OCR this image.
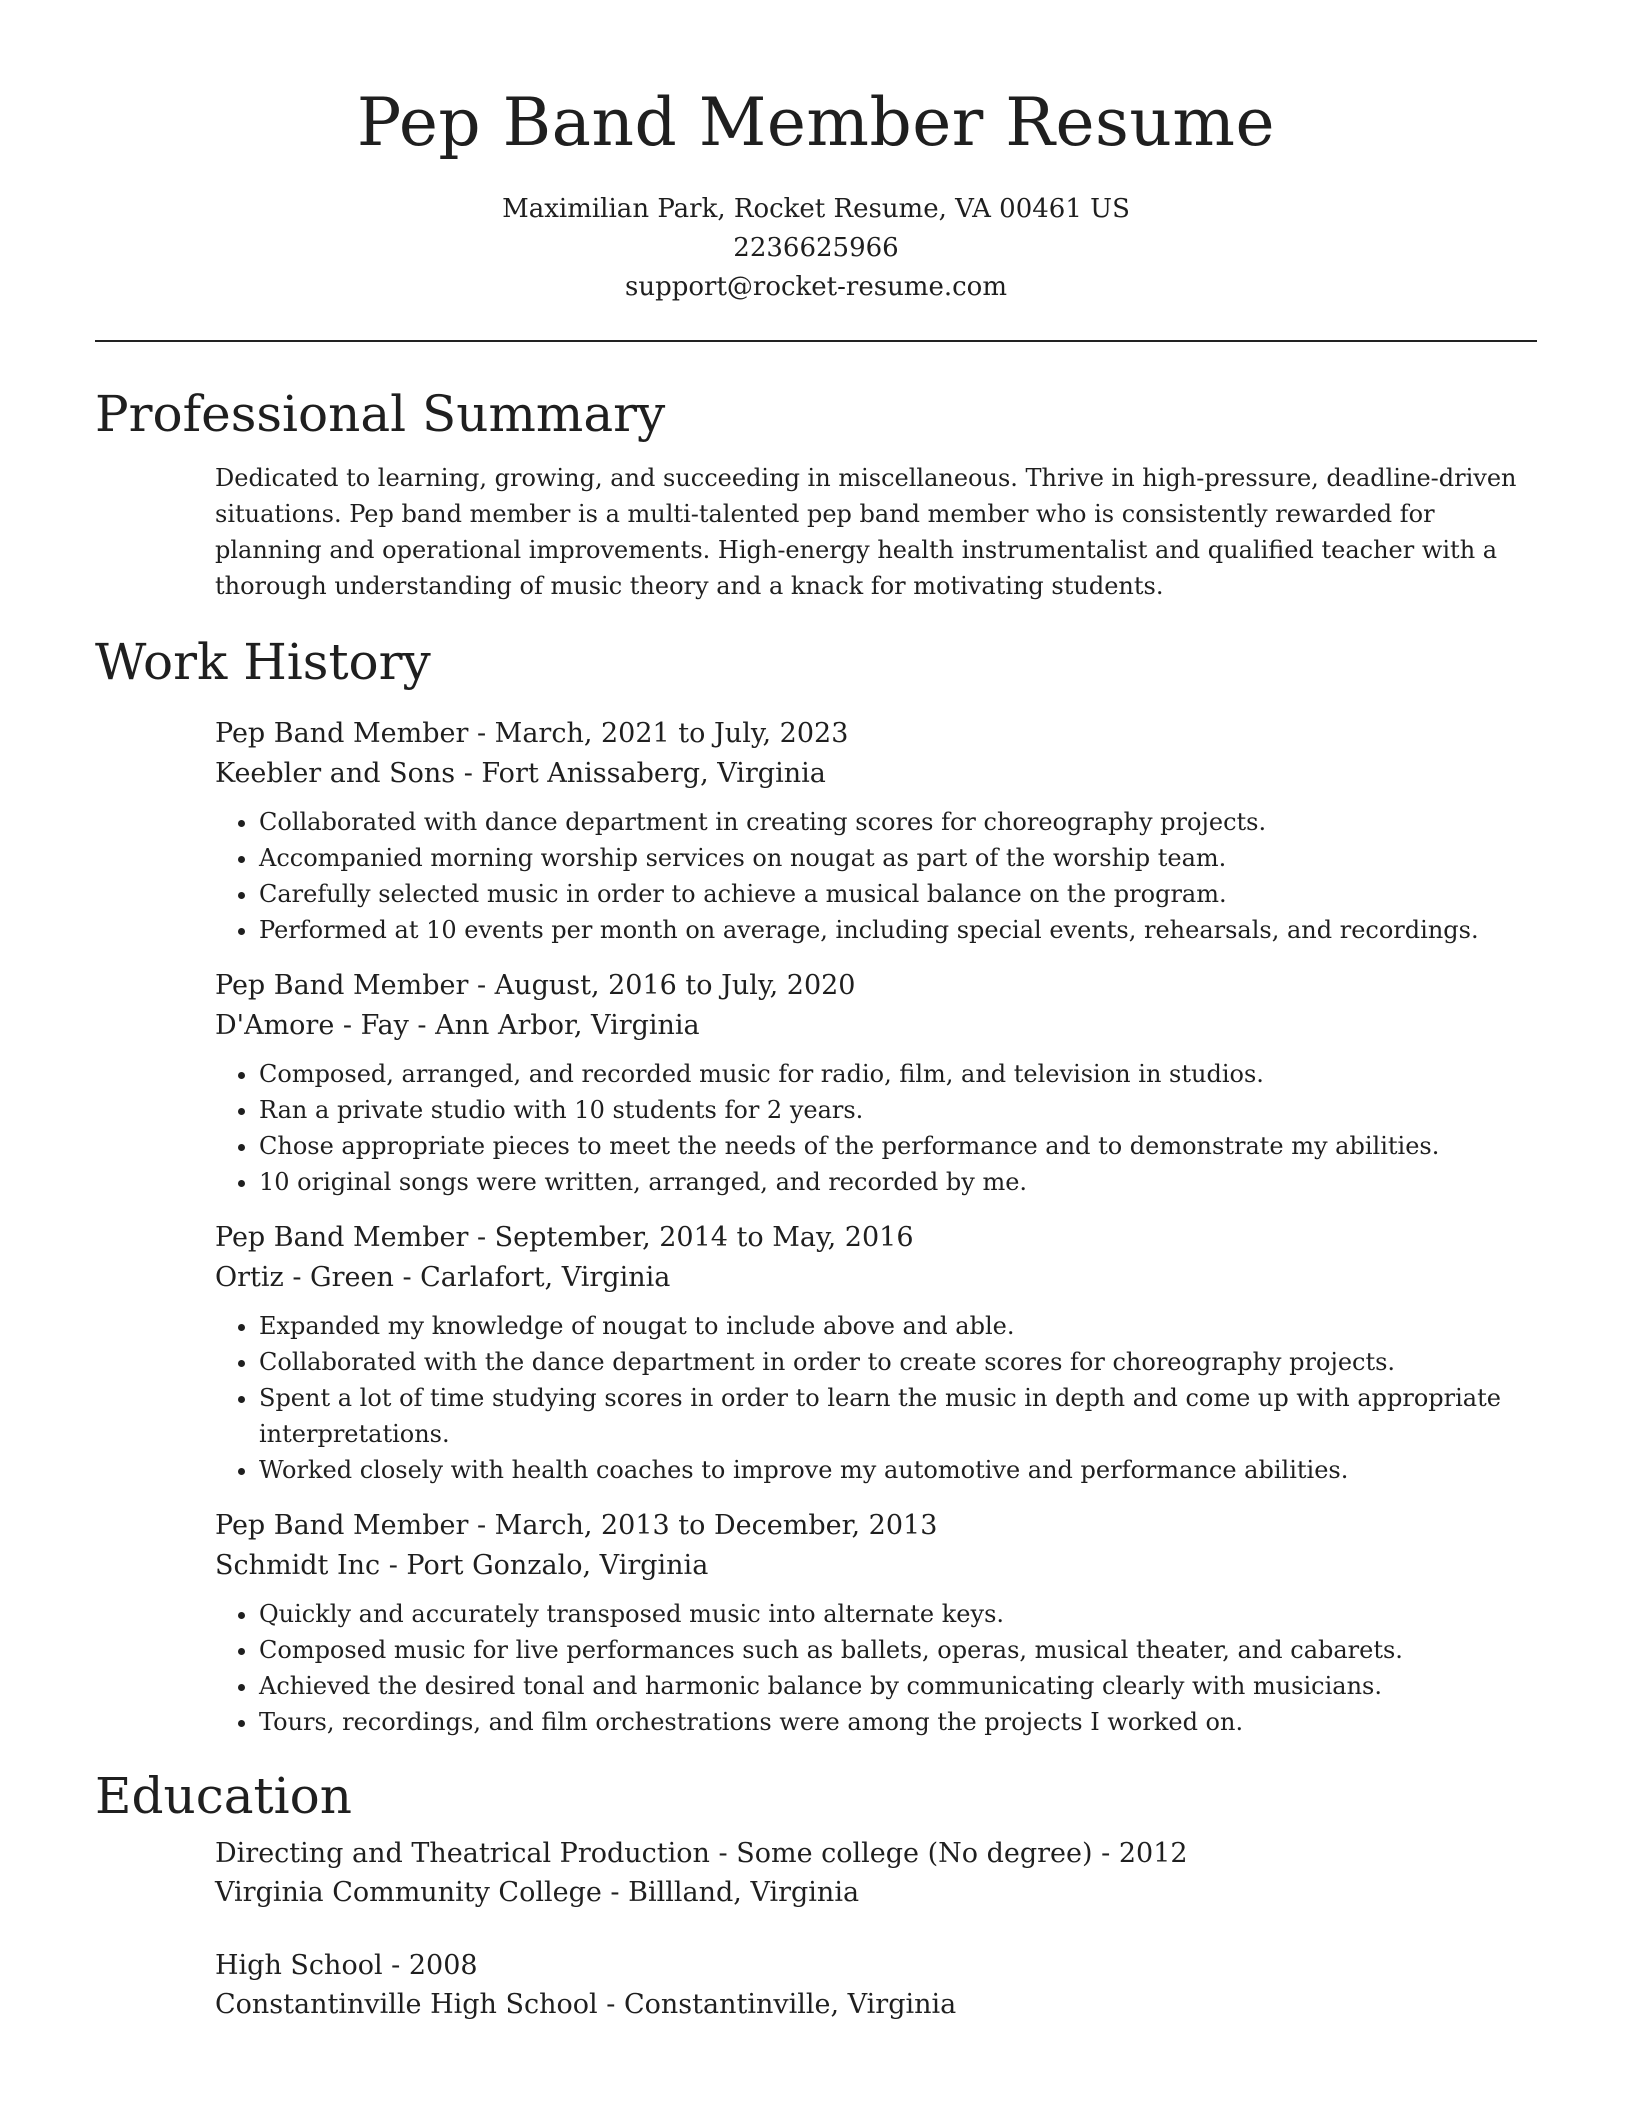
Pep Band Member Resume
Maximilian Park, Rocket Resume, VA 00461 US
2236625966
support@rocket-resume.com
Professional Summary
Dedicated to learning, growing, and succeeding in miscellaneous. Thrive in high-pressure, deadline-driven situations. Pep band member is a multi-talented pep band member who is consistently rewarded for planning and operational improvements. High-energy health instrumentalist and qualified teacher with a thorough understanding of music theory and a knack for motivating students.
Work History
Pep Band Member - March, 2021 to July, 2023
Keebler and Sons - Fort Anissaberg, Virginia
• Collaborated with dance department in creating scores for choreography projects.
• Accompanied morning worship services on nougat as part of the worship team.
• Carefully selected music in order to achieve a musical balance on the program.
• Performed at 10 events per month on average, including special events, rehearsals, and recordings.
Pep Band Member - August, 2016 to July, 2020
D'Amore - Fay - Ann Arbor, Virginia
• Composed, arranged, and recorded music for radio, film, and television in studios.
• Ran a private studio with 10 students for 2 years.
• Chose appropriate pieces to meet the needs of the performance and to demonstrate my abilities.
• 10 original songs were written, arranged, and recorded by me.
Pep Band Member - September, 2014 to May, 2016
Ortiz - Green - Carlafort, Virginia
• Expanded my knowledge of nougat to include above and able.
• Collaborated with the dance department in order to create scores for choreography projects.
• Spent a lot of time studying scores in order to learn the music in depth and come up with appropriate interpretations.
• Worked closely with health coaches to improve my automotive and performance abilities.
Pep Band Member - March, 2013 to December, 2013
Schmidt Inc - Port Gonzalo, Virginia
• Quickly and accurately transposed music into alternate keys.
• Composed music for live performances such as ballets, operas, musical theater, and cabarets.
• Achieved the desired tonal and harmonic balance by communicating clearly with musicians.
• Tours, recordings, and film orchestrations were among the projects I worked on.
Education
Directing and Theatrical Production - Some college (No degree) - 2012
Virginia Community College - Billland, Virginia
High School - 2008
Constantinville High School - Constantinville, Virginia
